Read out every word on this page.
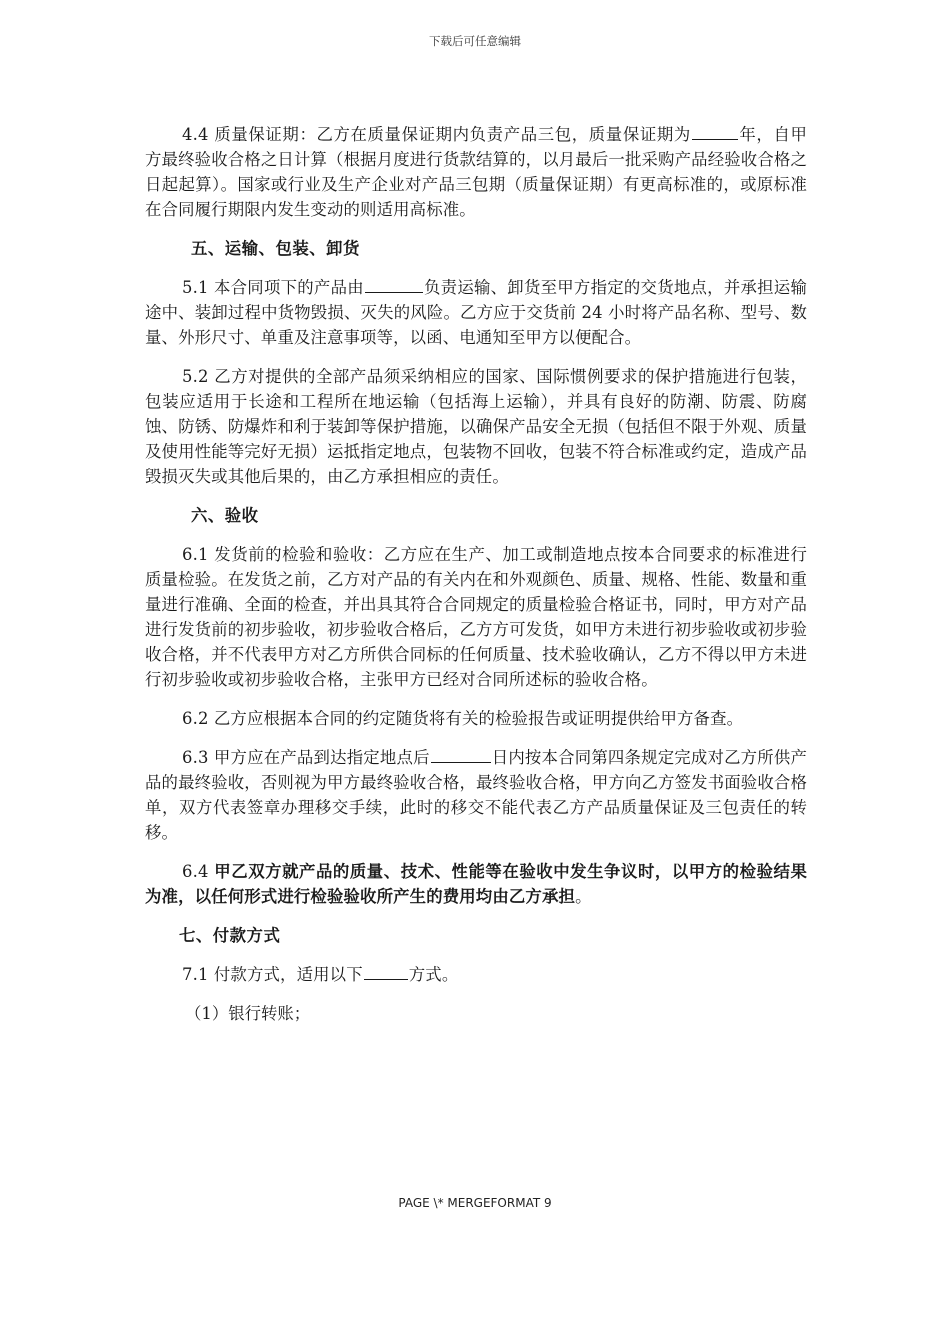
下载后可任意编辑

4.4 质量保证期：乙方在质量保证期内负责产品三包，质量保证期为	年，自甲方最终验收合格之日计算（根据月度进行货款结算的，以月最后一批采购产品经验收合格之日起起算）。国家或行业及生产企业对产品三包期（质量保证期）有更高标准的，或原标准在合同履行期限内发生变动的则适用高标准。

五、运输、包装、卸货

5.1 本合同项下的产品由	负责运输、卸货至甲方指定的交货地点，并承担运输途中、装卸过程中货物毁损、灭失的风险。乙方应于交货前 24 小时将产品名称、型号、数量、外形尺寸、单重及注意事项等，以函、电通知至甲方以便配合。

5.2 乙方对提供的全部产品须采纳相应的国家、国际惯例要求的保护措施进行包装，包装应适用于长途和工程所在地运输（包括海上运输），并具有良好的防潮、防震、防腐蚀、防锈、防爆炸和利于装卸等保护措施，以确保产品安全无损（包括但不限于外观、质量及使用性能等完好无损）运抵指定地点，包装物不回收，包装不符合标准或约定，造成产品毁损灭失或其他后果的，由乙方承担相应的责任。

六、验收

6.1 发货前的检验和验收：乙方应在生产、加工或制造地点按本合同要求的标准进行质量检验。在发货之前，乙方对产品的有关内在和外观颜色、质量、规格、性能、数量和重量进行准确、全面的检查，并出具其符合合同规定的质量检验合格证书，同时，甲方对产品进行发货前的初步验收，初步验收合格后，乙方方可发货，如甲方未进行初步验收或初步验收合格，并不代表甲方对乙方所供合同标的任何质量、技术验收确认，乙方不得以甲方未进行初步验收或初步验收合格，主张甲方已经对合同所述标的验收合格。

6.2 乙方应根据本合同的约定随货将有关的检验报告或证明提供给甲方备查。

6.3 甲方应在产品到达指定地点后	日内按本合同第四条规定完成对乙方所供产品的最终验收，否则视为甲方最终验收合格，最终验收合格，甲方向乙方签发书面验收合格单，双方代表签章办理移交手续，此时的移交不能代表乙方产品质量保证及三包责任的转移。

6.4 甲乙双方就产品的质量、技术、性能等在验收中发生争议时，以甲方的检验结果为准，以任何形式进行检验验收所产生的费用均由乙方承担。

七、付款方式

7.1 付款方式，适用以下	方式。

（1）银行转账；
PAGE \* MERGEFORMAT 9
